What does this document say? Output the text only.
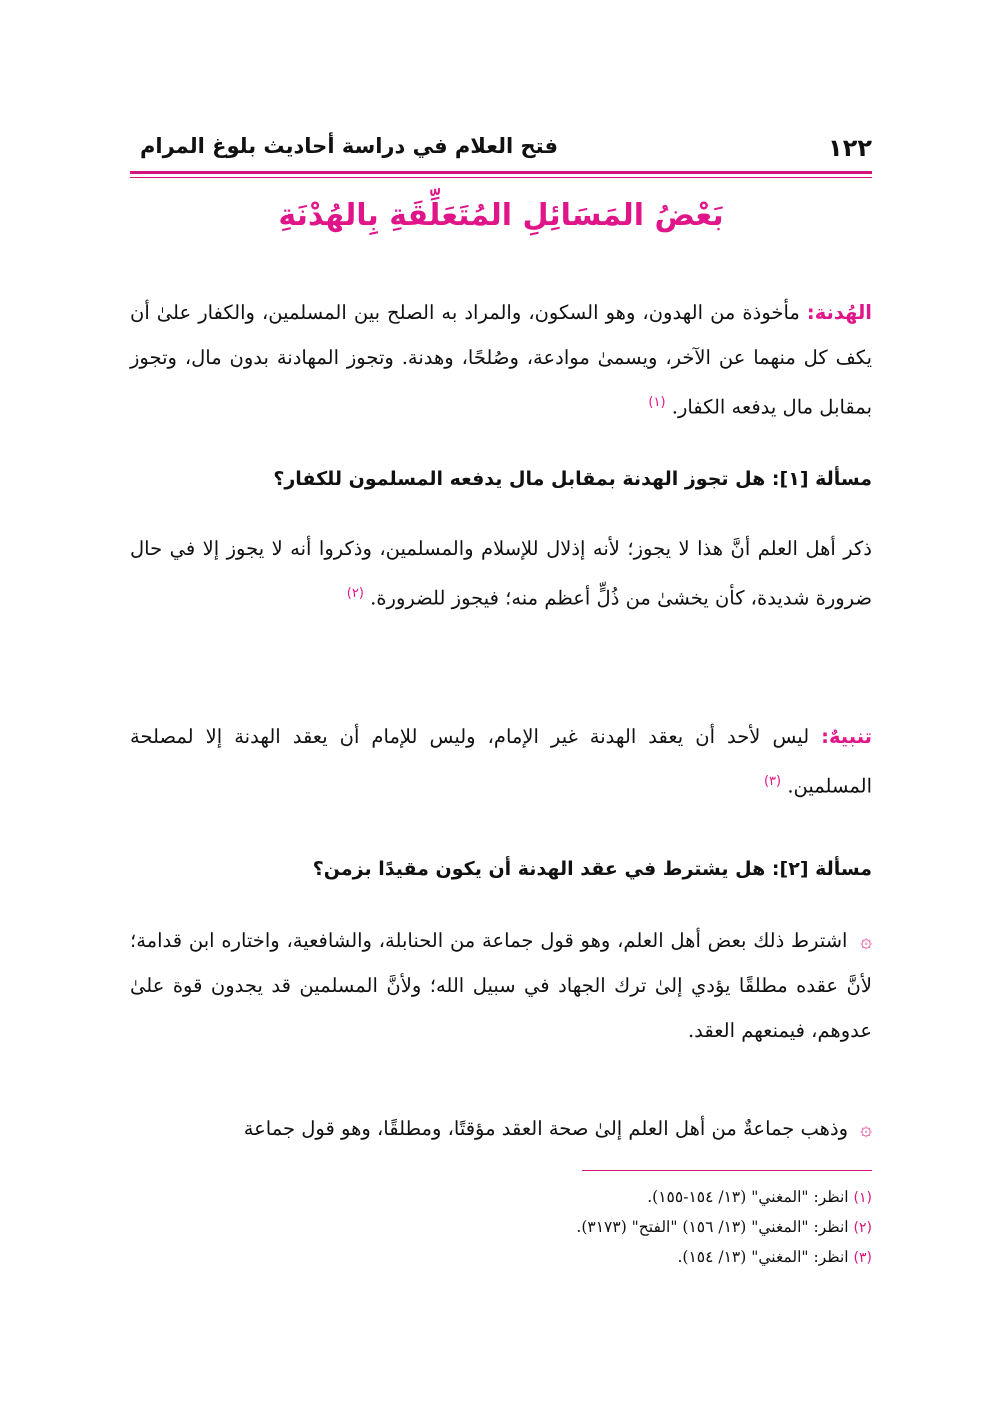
١٢٢
فتح العلام في دراسة أحاديث بلوغ المرام
بَعْضُ المَسَائِلِ المُتَعَلِّقَةِ بِالهُدْنَةِ
الهُدنة: مأخوذة من الهدون، وهو السكون، والمراد به الصلح بين المسلمين، والكفار علىٰ أن يكف كل منهما عن الآخر، ويسمىٰ موادعة، وصُلحًا، وهدنة. وتجوز المهادنة بدون مال، وتجوز بمقابل مال يدفعه الكفار. $^{(١)}$
مسألة [١]: هل تجوز الهدنة بمقابل مال يدفعه المسلمون للكفار؟
ذكر أهل العلم أنَّ هذا لا يجوز؛ لأنه إذلال للإسلام والمسلمين، وذكروا أنه لا يجوز إلا في حال ضرورة شديدة، كأن يخشىٰ من ذُلٍّ أعظم منه؛ فيجوز للضرورة. $^{(٢)}$
تنبيهٌ: ليس لأحد أن يعقد الهدنة غير الإمام، وليس للإمام أن يعقد الهدنة إلا لمصلحة المسلمين. $^{(٣)}$
مسألة [٢]: هل يشترط في عقد الهدنة أن يكون مقيدًا بزمن؟
۞ اشترط ذلك بعض أهل العلم، وهو قول جماعة من الحنابلة، والشافعية، واختاره ابن قدامة؛ لأنَّ عقده مطلقًا يؤدي إلىٰ ترك الجهاد في سبيل الله؛ ولأنَّ المسلمين قد يجدون قوة علىٰ عدوهم، فيمنعهم العقد.
۞ وذهب جماعةٌ من أهل العلم إلىٰ صحة العقد مؤقتًا، ومطلقًا، وهو قول جماعة
(١) انظر: "المغني" (١٣/ ١٥٤-١٥٥).
(٢) انظر: "المغني" (١٣/ ١٥٦) "الفتح" (٣١٧٣).
(٣) انظر: "المغني" (١٣/ ١٥٤).
